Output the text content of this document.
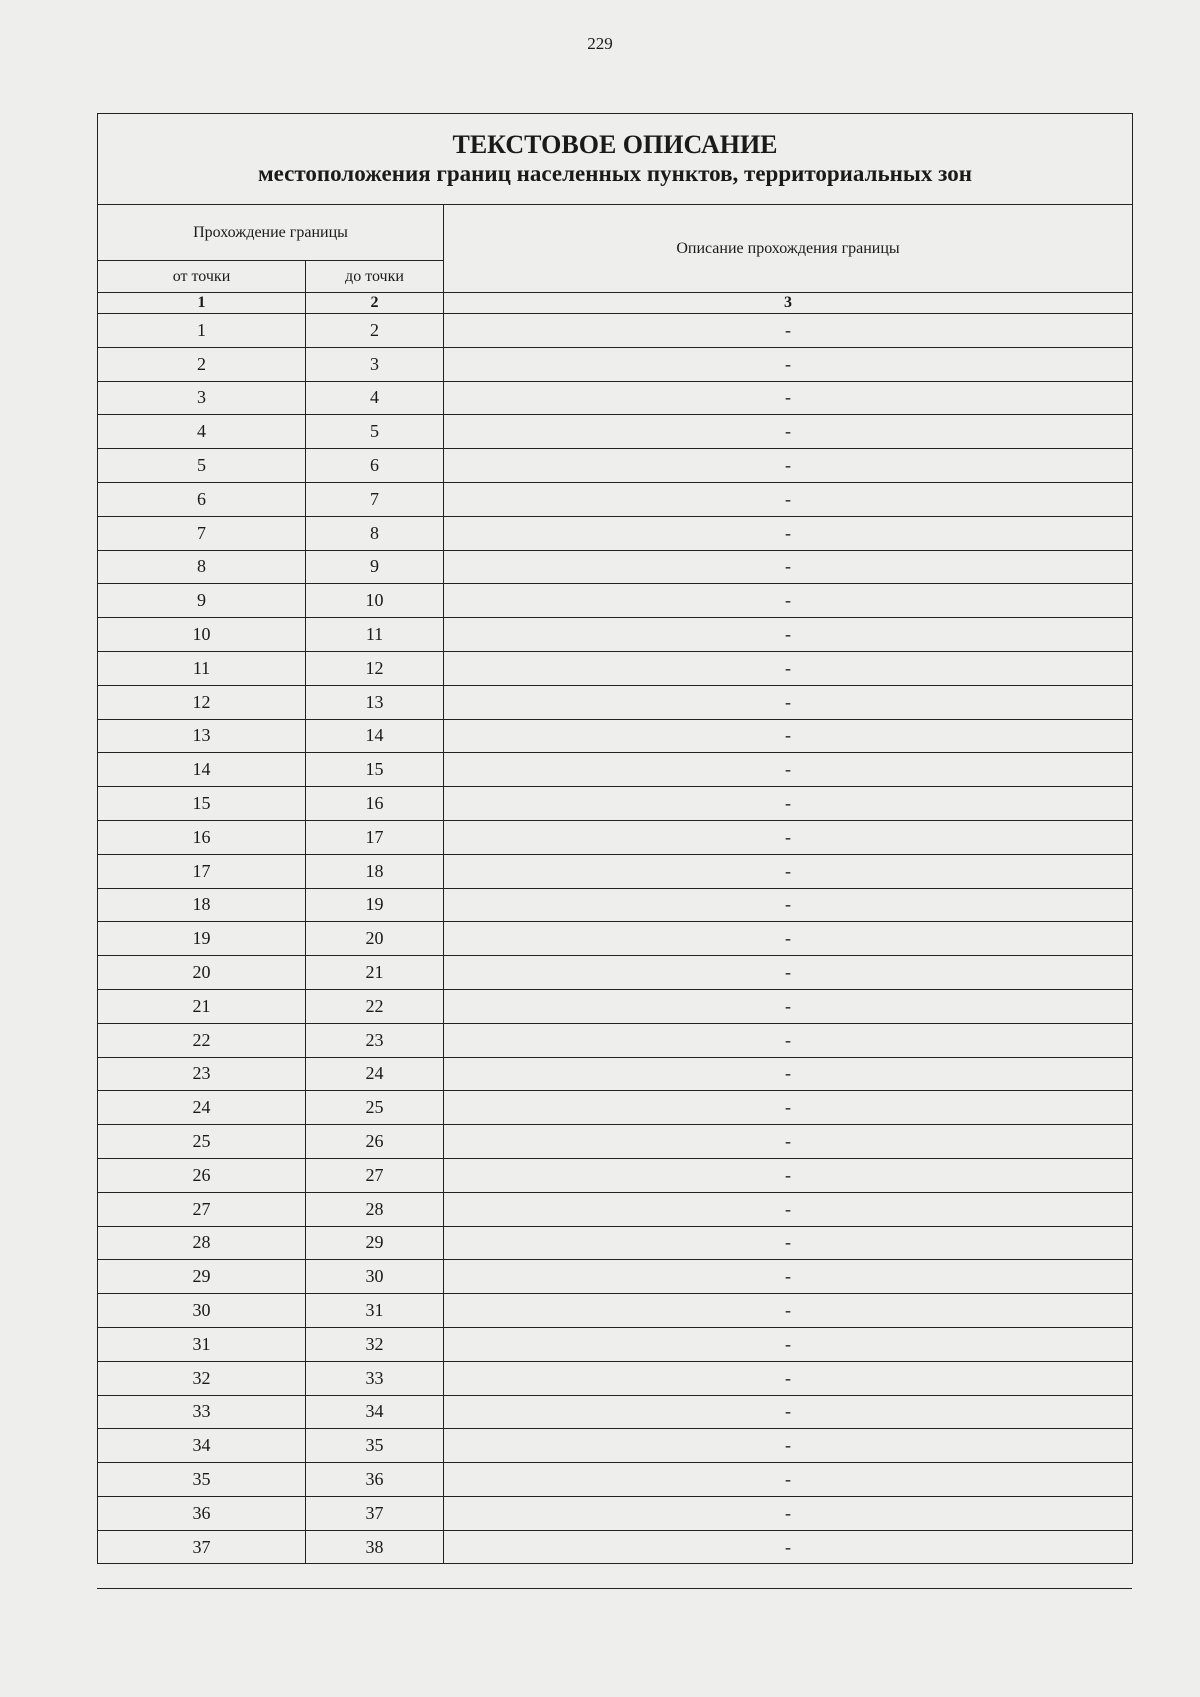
229
ТЕКСТОВОЕ ОПИСАНИЕ
местоположения границ населенных пунктов, территориальных зон		

Прохождение границы		Описание прохождения границы
от точки	до точки	
1	2	3
1	2	-
2	3	-
3	4	-
4	5	-
5	6	-
6	7	-
7	8	-
8	9	-
9	10	-
10	11	-
11	12	-
12	13	-
13	14	-
14	15	-
15	16	-
16	17	-
17	18	-
18	19	-
19	20	-
20	21	-
21	22	-
22	23	-
23	24	-
24	25	-
25	26	-
26	27	-
27	28	-
28	29	-
29	30	-
30	31	-
31	32	-
32	33	-
33	34	-
34	35	-
35	36	-
36	37	-
37	38	-
